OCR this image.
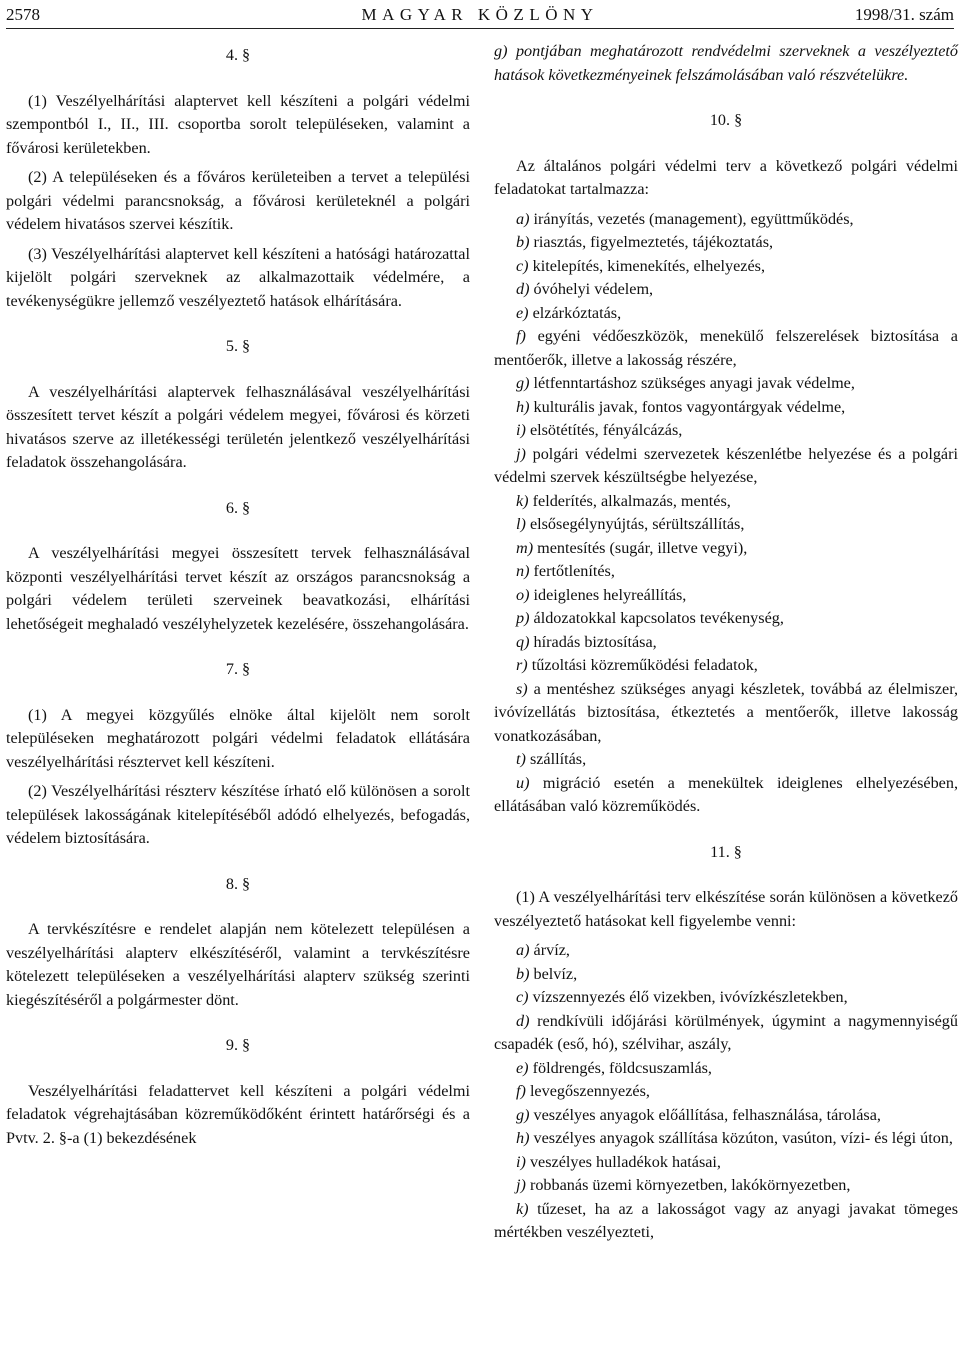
2578	MAGYAR KÖZLÖNY	1998/31. szám
4. §

(1) Veszélyelhárítási alaptervet kell készíteni a polgári védelmi szempontból I., II., III. csoportba sorolt településeken, valamint a fővárosi kerületekben.

(2) A településeken és a főváros kerületeiben a tervet a települési polgári védelmi parancsnokság, a fővárosi kerületeknél a polgári védelem hivatásos szervei készítik.

(3) Veszélyelhárítási alaptervet kell készíteni a hatósági határozattal kijelölt polgári szerveknek az alkalmazottaik védelmére, a tevékenységükre jellemző veszélyeztető hatások elhárítására.

5. §

A veszélyelhárítási alaptervek felhasználásával veszélyelhárítási összesített tervet készít a polgári védelem megyei, fővárosi és körzeti hivatásos szerve az illetékességi területén jelentkező veszélyelhárítási feladatok összehangolására.

6. §

A veszélyelhárítási megyei összesített tervek felhasználásával központi veszélyelhárítási tervet készít az országos parancsnokság a polgári védelem területi szerveinek beavatkozási, elhárítási lehetőségeit meghaladó veszélyhelyzetek kezelésére, összehangolására.

7. §

(1) A megyei közgyűlés elnöke által kijelölt nem sorolt településeken meghatározott polgári védelmi feladatok ellátására veszélyelhárítási résztervet kell készíteni.

(2) Veszélyelhárítási részterv készítése írható elő különösen a sorolt települések lakosságának kitelepítéséből adódó elhelyezés, befogadás, védelem biztosítására.

8. §

A tervkészítésre e rendelet alapján nem kötelezett településen a veszélyelhárítási alapterv elkészítéséről, valamint a tervkészítésre kötelezett településeken a veszélyelhárítási alapterv szükség szerinti kiegészítéséről a polgármester dönt.

9. §

Veszélyelhárítási feladattervet kell készíteni a polgári védelmi feladatok végrehajtásában közreműködőként érintett határőrségi és a Pvtv. 2. §-a (1) bekezdésének

g) pontjában meghatározott rendvédelmi szerveknek a veszélyeztető hatások következményeinek felszámolásában való részvételükre.

10. §

Az általános polgári védelmi terv a következő polgári védelmi feladatokat tartalmazza:

a) irányítás, vezetés (management), együttműködés,
b) riasztás, figyelmeztetés, tájékoztatás,
c) kitelepítés, kimenekítés, elhelyezés,
d) óvóhelyi védelem,
e) elzárkóztatás,
f) egyéni védőeszközök, menekülő felszerelések biztosítása a mentőerők, illetve a lakosság részére,
g) létfenntartáshoz szükséges anyagi javak védelme,
h) kulturális javak, fontos vagyontárgyak védelme,
i) elsötétítés, fényálcázás,
j) polgári védelmi szervezetek készenlétbe helyezése és a polgári védelmi szervek készültségbe helyezése,
k) felderítés, alkalmazás, mentés,
l) elsősegélynyújtás, sérültszállítás,
m) mentesítés (sugár, illetve vegyi),
n) fertőtlenítés,
o) ideiglenes helyreállítás,
p) áldozatokkal kapcsolatos tevékenység,
q) híradás biztosítása,
r) tűzoltási közreműködési feladatok,
s) a mentéshez szükséges anyagi készletek, továbbá az élelmiszer, ivóvízellátás biztosítása, étkeztetés a mentőerők, illetve lakosság vonatkozásában,
t) szállítás,
u) migráció esetén a menekültek ideiglenes elhelyezésében, ellátásában való közreműködés.
11. §

(1) A veszélyelhárítási terv elkészítése során különösen a következő veszélyeztető hatásokat kell figyelembe venni:

a) árvíz,
b) belvíz,
c) vízszennyezés élő vizekben, ivóvízkészletekben,
d) rendkívüli időjárási körülmények, úgymint a nagymennyiségű csapadék (eső, hó), szélvihar, aszály,
e) földrengés, földcsuszamlás,
f) levegőszennyezés,
g) veszélyes anyagok előállítása, felhasználása, tárolása,
h) veszélyes anyagok szállítása közúton, vasúton, vízi- és légi úton,
i) veszélyes hulladékok hatásai,
j) robbanás üzemi környezetben, lakókörnyezetben,
k) tűzeset, ha az a lakosságot vagy az anyagi javakat tömeges mértékben veszélyezteti,
